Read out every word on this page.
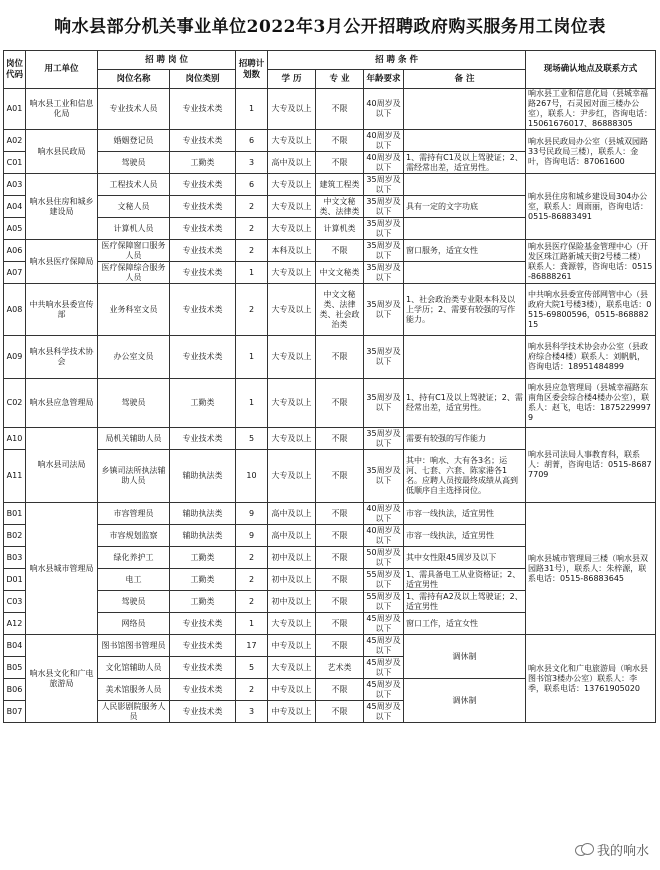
响水县部分机关事业单位2022年3月公开招聘政府购买服务用工岗位表
岗位代码	用工单位	招 聘 岗 位		招聘计划数	招 聘 条 件				现场确认地点及联系方式
		岗位名称	岗位类别		学 历	专 业	年龄要求	备 注	
A01	响水县工业和信息化局	专业技术人员	专业技术类	1	大专及以上	不限	40周岁及以下		响水县工业和信息化局（县城幸福路267号，石灵园对面三楼办公室），联系人：尹步红，咨询电话：15061676017、86888305
A02	响水县民政局	婚姻登记员	专业技术类	6	大专及以上	不限	40周岁及以下		响水县民政局办公室（县城双园路33号民政局三楼），联系人：金叶，咨询电话：87061600
C01		驾驶员	工勤类	3	高中及以上	不限	40周岁及以下	1、需持有C1及以上驾驶证；2、需经常出差，适宜男性。	
A03	响水县住房和城乡建设局	工程技术人员	专业技术类	6	大专及以上	建筑工程类	35周岁及以下		响水县住房和城乡建设局304办公室，联系人：周雨丽，咨询电话：0515-86883491
A04		文秘人员	专业技术类	2	大专及以上	中文文秘类、法律类	35周岁及以下	具有一定的文字功底	
A05		计算机人员	专业技术类	2	大专及以上	计算机类	35周岁及以下		
A06	响水县医疗保障局	医疗保障窗口服务人员	专业技术类	2	本科及以上	不限	35周岁及以下	窗口服务，适宜女性	响水县医疗保险基金管理中心（开发区珠江路新城天街2号楼二楼）联系人：龚源蓉，咨询电话：0515-86888261
A07		医疗保障综合服务人员	专业技术类	1	大专及以上	中文文秘类	35周岁及以下		
A08	中共响水县委宣传部	业务科室文员	专业技术类	2	大专及以上	中文文秘类、法律类、社会政治类	35周岁及以下	1、社会政治类专业限本科及以上学历；2、需要有较强的写作能力。	中共响水县委宣传部网管中心（县政府大院1号楼3楼），联系电话：0515-69800596，0515-86888215
A09	响水县科学技术协会	办公室文员	专业技术类	1	大专及以上	不限	35周岁及以下		响水县科学技术协会办公室（县政府综合楼4楼）联系人：刘帆帆，咨询电话：18951484899
C02	响水县应急管理局	驾驶员	工勤类	1	大专及以上	不限	35周岁及以下	1、持有C1及以上驾驶证；2、需经常出差，适宜男性。	响水县应急管理局（县城幸福路东南角区委会综合楼4楼办公室），联系人：赵飞，电话：18752299979
A10	响水县司法局	局机关辅助人员	专业技术类	5	大专及以上	不限	35周岁及以下	需要有较强的写作能力	响水县司法局人事教育科，联系人：胡菁，咨询电话：0515-86877709
A11		乡镇司法所执法辅助人员	辅助执法类	10	大专及以上	不限	35周岁及以下	其中：响水、大有各3名；运河、七套、六套、陈家港各1名。应聘人员按最终成绩从高到低顺序自主选择岗位。	
B01	响水县城市管理局	市容管理员	辅助执法类	9	高中及以上	不限	40周岁及以下	市容一线执法，适宜男性	响水县城市管理局三楼（响水县双园路31号），联系人：朱梓源，联系电话：0515-86883645
B02		市容规划监察	辅助执法类	9	高中及以上	不限	40周岁及以下	市容一线执法，适宜男性	
B03		绿化养护工	工勤类	2	初中及以上	不限	50周岁及以下	其中女性限45周岁及以下	
D01		电工	工勤类	2	初中及以上	不限	55周岁及以下	1、需具备电工从业资格证；2、适宜男性	
C03		驾驶员	工勤类	2	初中及以上	不限	55周岁及以下	1、需持有A2及以上驾驶证；2、适宜男性	
A12		网络员	专业技术类	1	大专及以上	不限	45周岁及以下	窗口工作，适宜女性	
B04	响水县文化和广电旅游局	图书馆图书管理员	专业技术类	17	中专及以上	不限	45周岁及以下	调休制	响水县文化和广电旅游局（响水县图书馆3楼办公室）联系人：李季，联系电话：13761905020
B05		文化馆辅助人员	专业技术类	5	大专及以上	艺术类	45周岁及以下		
B06		美术馆服务人员	专业技术类	2	中专及以上	不限	45周岁及以下	调休制	
B07		人民影剧院服务人员	专业技术类	3	中专及以上	不限	45周岁及以下		
我的响水
